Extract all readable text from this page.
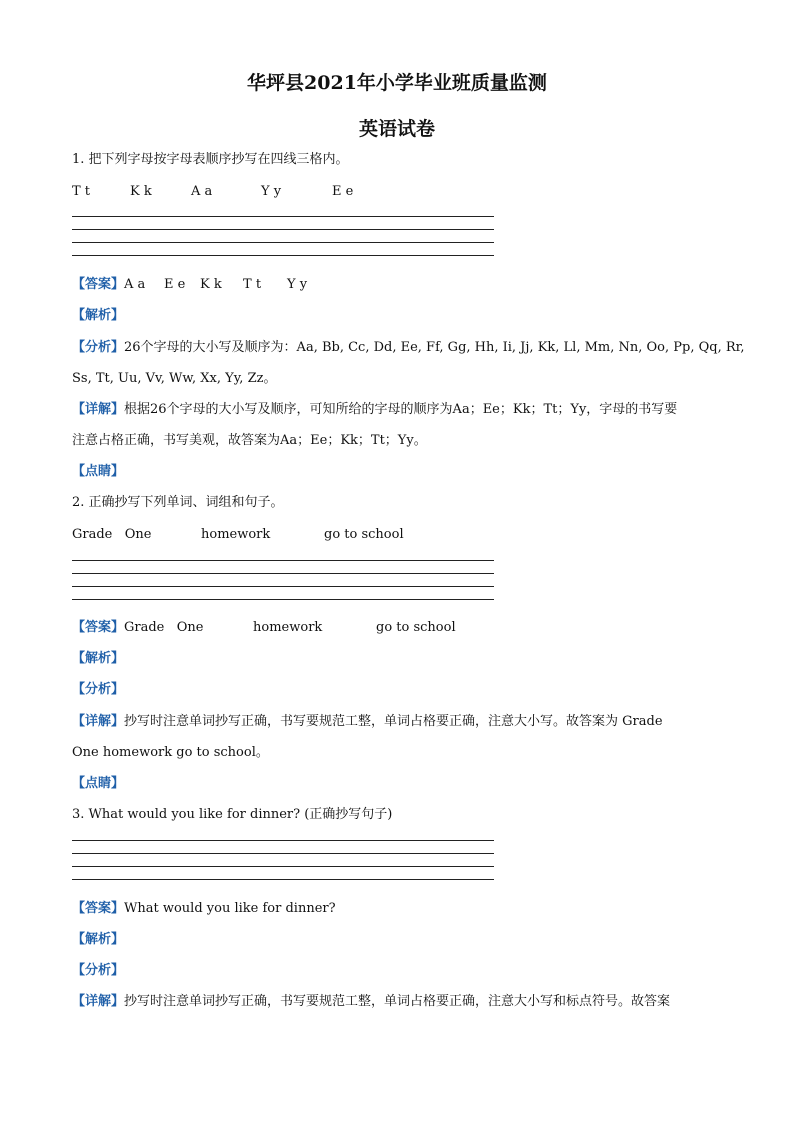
华坪县2021年小学毕业班质量监测
英语试卷
1. 把下列字母按字母表顺序抄写在四线三格内。
T t	K k	A a	Y y	E e
【答案】A a E e K k T t Y y
【解析】
【分析】26个字母的大小写及顺序为：Aa, Bb, Cc, Dd, Ee, Ff, Gg, Hh, Ii, Jj, Kk, Ll, Mm, Nn, Oo, Pp, Qq, Rr,
Ss, Tt, Uu, Vv, Ww, Xx, Yy, Zz。
【详解】根据26个字母的大小写及顺序，可知所给的字母的顺序为Aa；Ee；Kk；Tt；Yy，字母的书写要
注意占格正确，书写美观，故答案为Aa；Ee；Kk；Tt；Yy。
【点睛】
2. 正确抄写下列单词、词组和句子。
Grade   One	homework	go to school
【答案】Grade   One	homework	go to school
【解析】
【分析】
【详解】抄写时注意单词抄写正确，书写要规范工整，单词占格要正确，注意大小写。故答案为 Grade
One homework go to school。
【点睛】
3. What would you like for dinner? (正确抄写句子)
【答案】What would you like for dinner?
【解析】
【分析】
【详解】抄写时注意单词抄写正确，书写要规范工整，单词占格要正确，注意大小写和标点符号。故答案
